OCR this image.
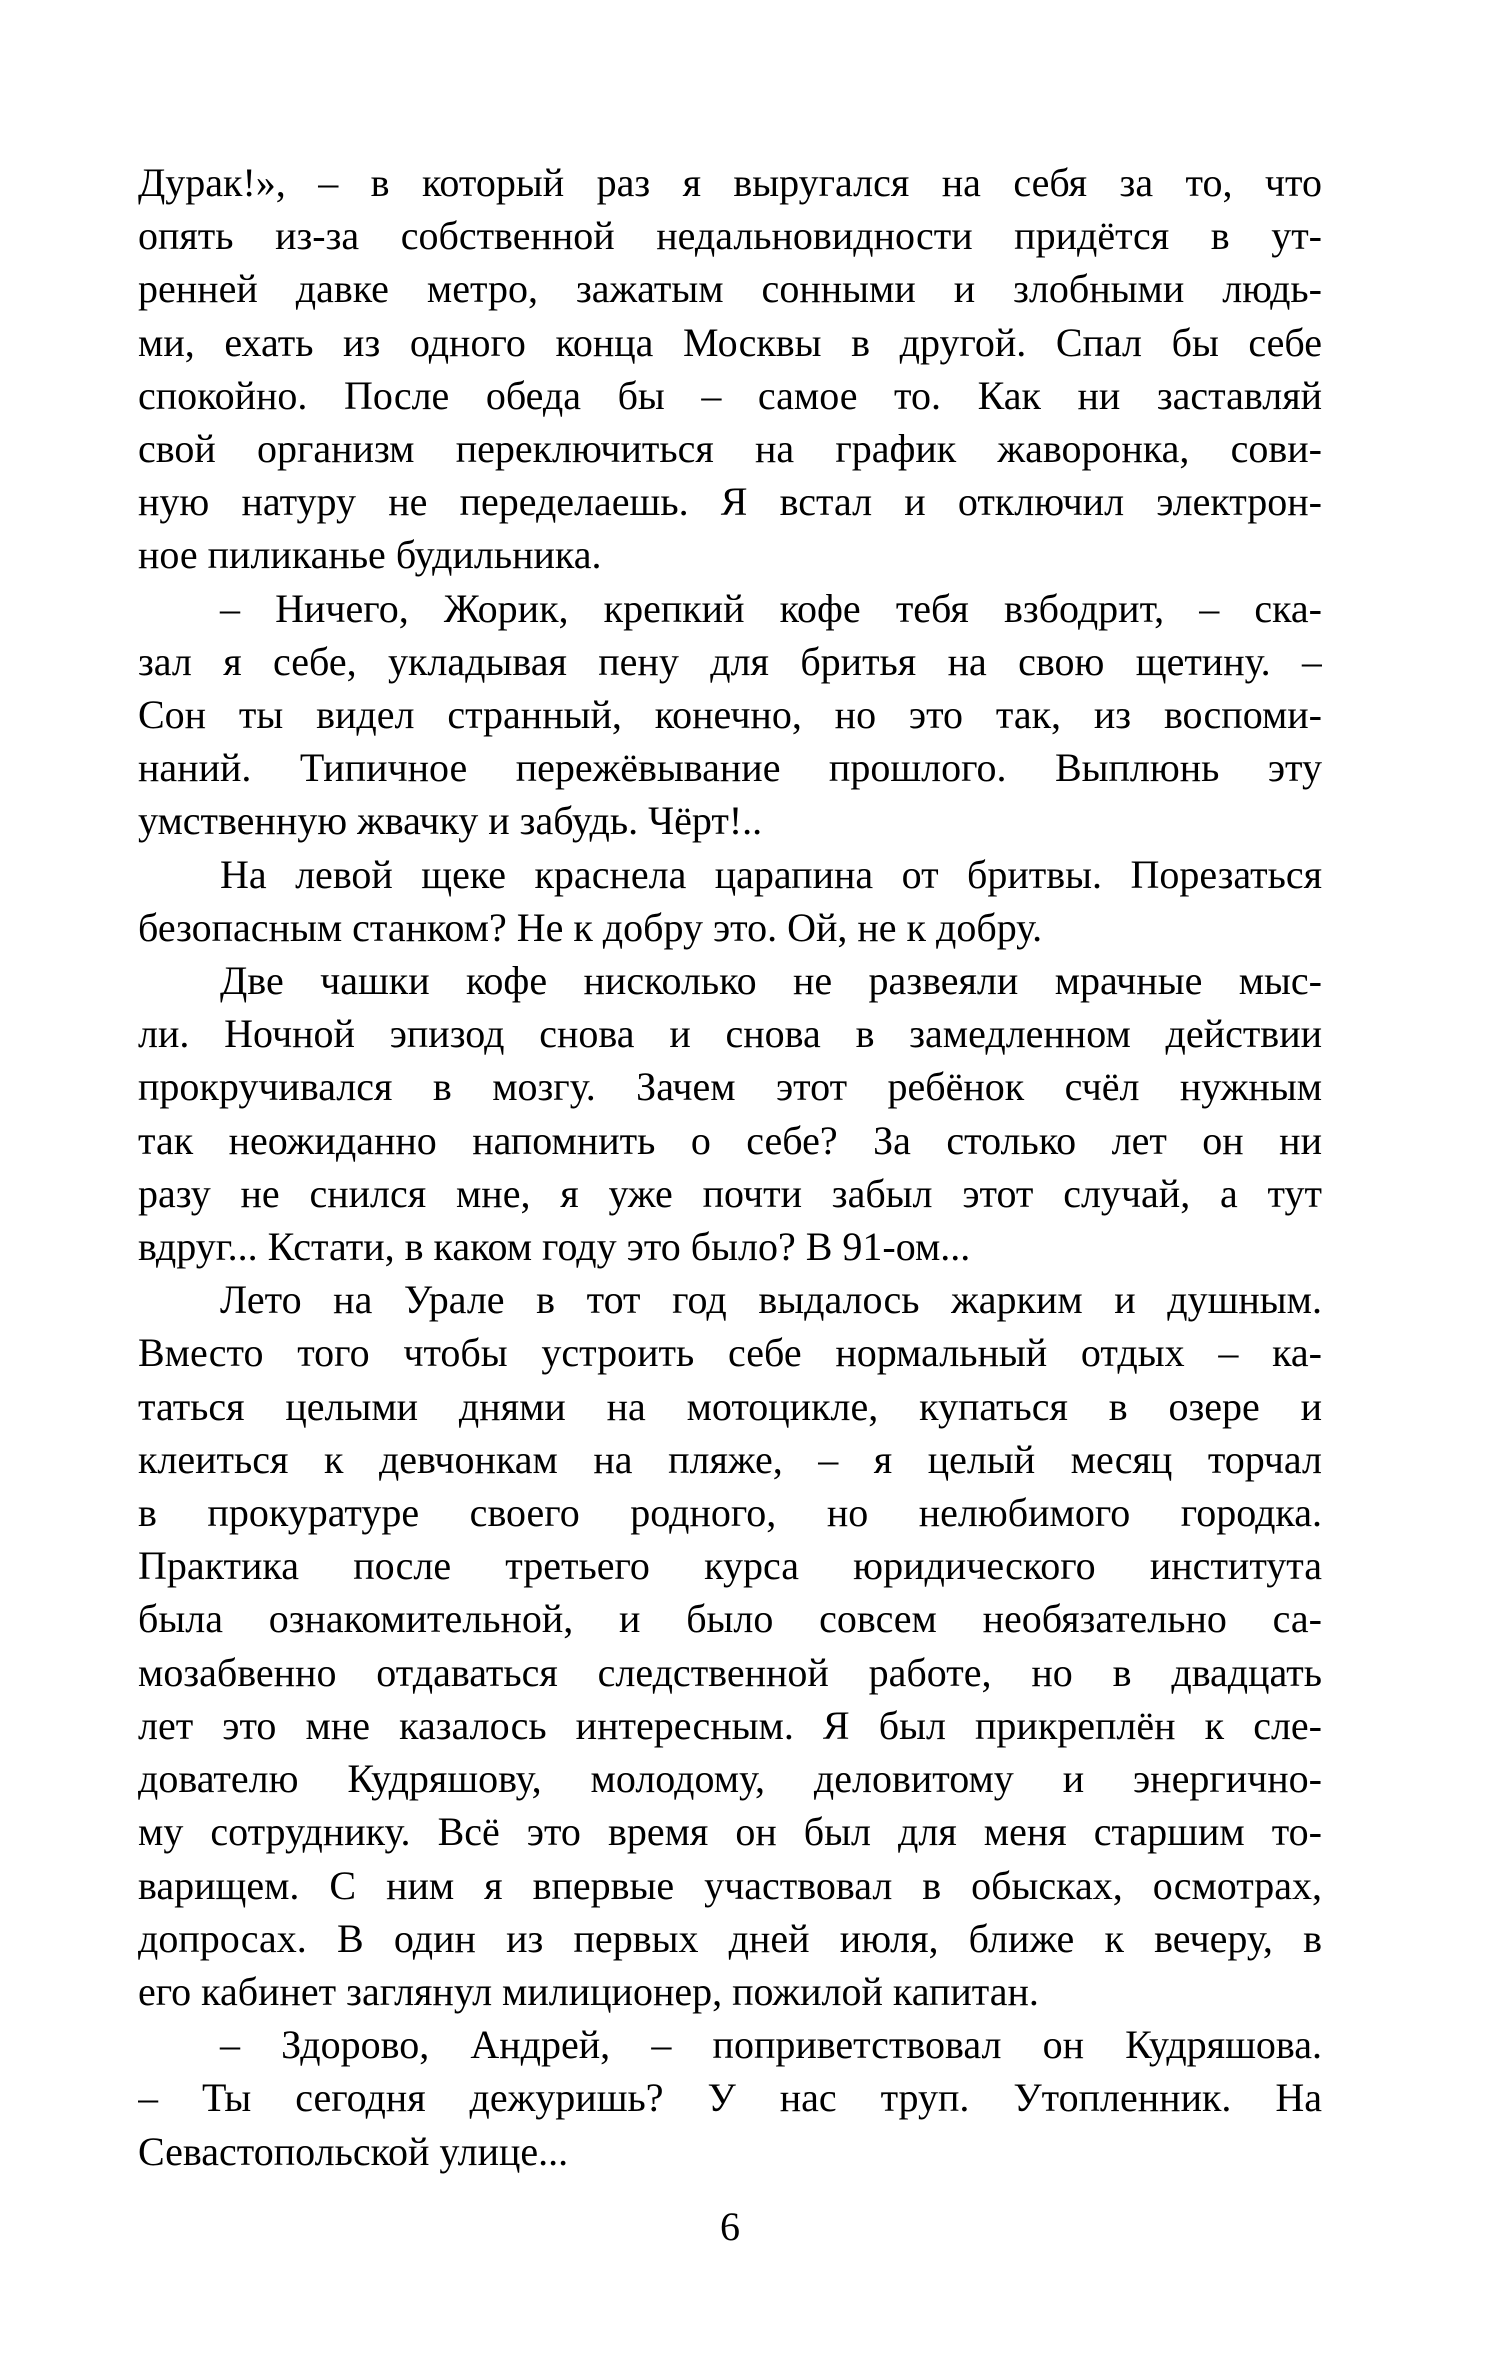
Дурак!», – в который раз я выругался на себя за то, что
опять из-за собственной недальновидности придётся в ут-
ренней давке метро, зажатым сонными и злобными людь-
ми, ехать из одного конца Москвы в другой. Спал бы себе
спокойно. После обеда бы – самое то. Как ни заставляй
свой организм переключиться на график жаворонка, сови-
ную натуру не переделаешь. Я встал и отключил электрон-
ное пиликанье будильника.
– Ничего, Жорик, крепкий кофе тебя взбодрит, – ска-
зал я себе, укладывая пену для бритья на свою щетину. –
Сон ты видел странный, конечно, но это так, из воспоми-
наний. Типичное пережёвывание прошлого. Выплюнь эту
умственную жвачку и забудь. Чёрт!..
На левой щеке краснела царапина от бритвы. Порезаться
безопасным станком? Не к добру это. Ой, не к добру.
Две чашки кофе нисколько не развеяли мрачные мыс-
ли. Ночной эпизод снова и снова в замедленном действии
прокручивался в мозгу. Зачем этот ребёнок счёл нужным
так неожиданно напомнить о себе? За столько лет он ни
разу не снился мне, я уже почти забыл этот случай, а тут
вдруг... Кстати, в каком году это было? В 91-ом...
Лето на Урале в тот год выдалось жарким и душным.
Вместо того чтобы устроить себе нормальный отдых – ка-
таться целыми днями на мотоцикле, купаться в озере и
клеиться к девчонкам на пляже, – я целый месяц торчал
в прокуратуре своего родного, но нелюбимого городка.
Практика после третьего курса юридического института
была ознакомительной, и было совсем необязательно са-
мозабвенно отдаваться следственной работе, но в двадцать
лет это мне казалось интересным. Я был прикреплён к сле-
дователю Кудряшову, молодому, деловитому и энергично-
му сотруднику. Всё это время он был для меня старшим то-
варищем. С ним я впервые участвовал в обысках, осмотрах,
допросах. В один из первых дней июля, ближе к вечеру, в
его кабинет заглянул милиционер, пожилой капитан.
– Здорово, Андрей, – поприветствовал он Кудряшова.
– Ты сегодня дежуришь? У нас труп. Утопленник. На
Севастопольской улице...
6
